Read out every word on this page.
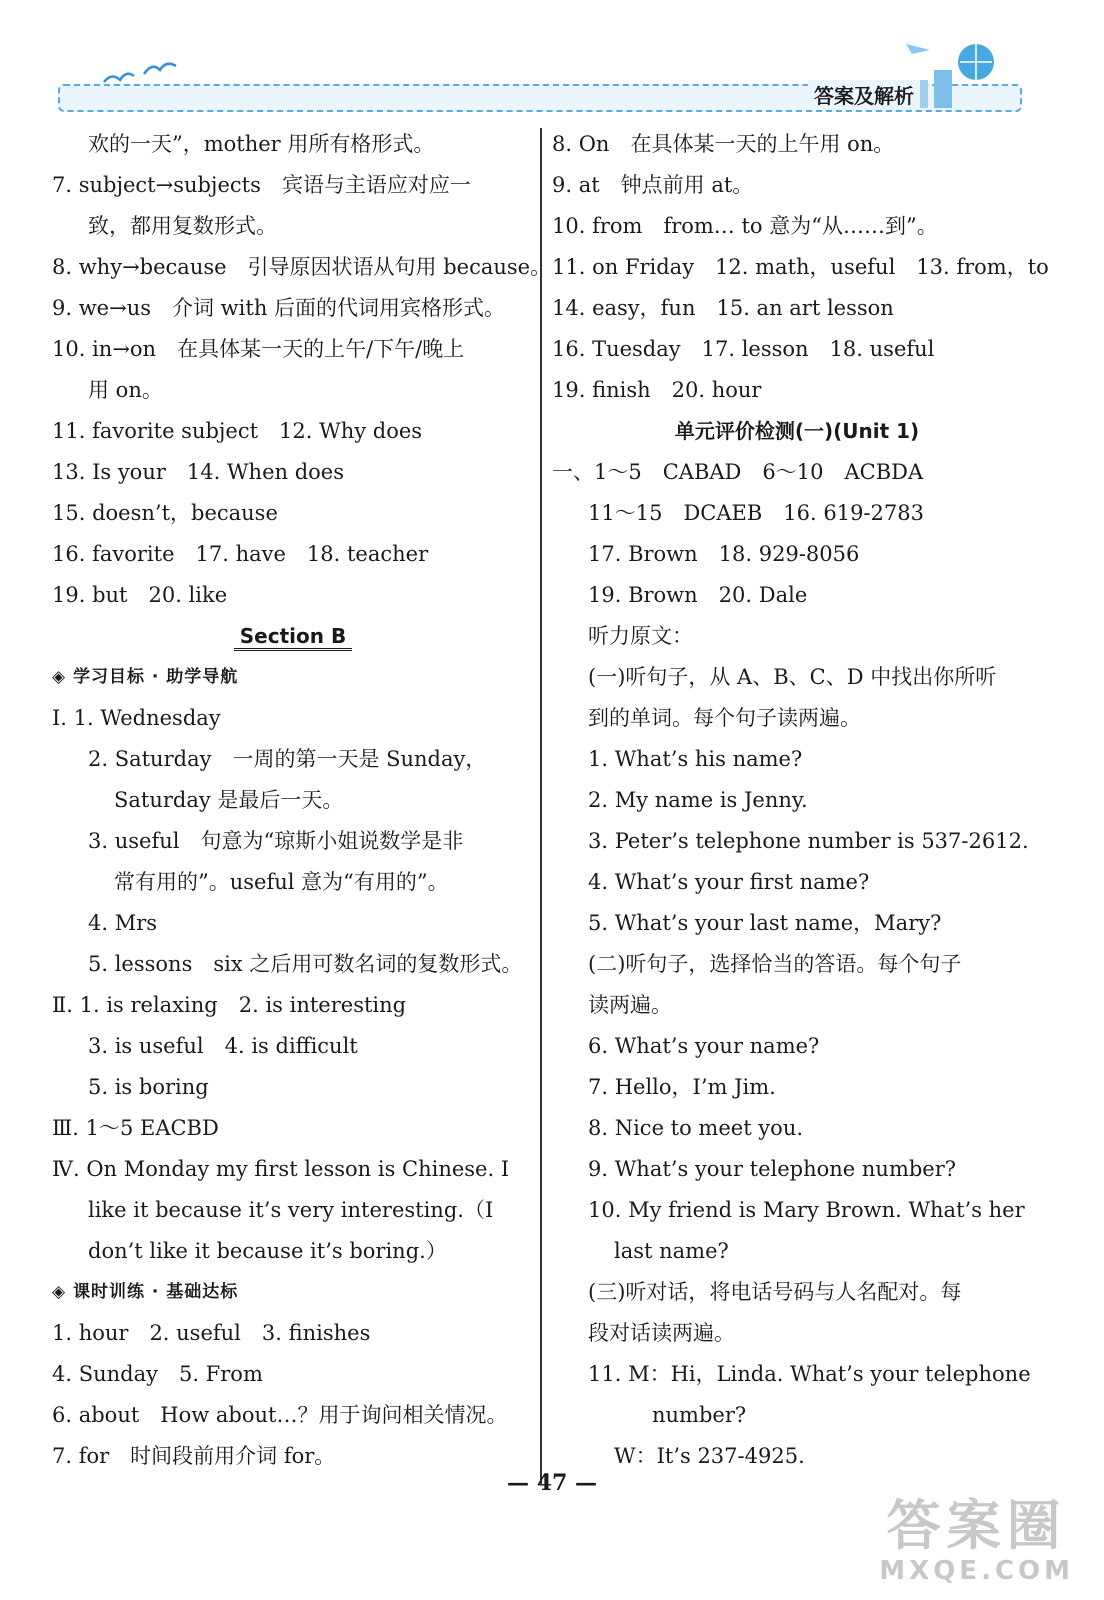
答案及解析
欢的一天”，mother 用所有格形式。
7. subject→subjects　宾语与主语应对应一
致，都用复数形式。
8. why→because　引导原因状语从句用 because。
9. we→us　介词 with 后面的代词用宾格形式。
10. in→on　在具体某一天的上午/下午/晚上
用 on。
11. favorite subject　12. Why does
13. Is your　14. When does
15. doesn’t，because
16. favorite　17. have　18. teacher
19. but　20. like
Section B
◈ 学习目标 · 助学导航
Ⅰ. 1. Wednesday
2. Saturday　一周的第一天是 Sunday，
Saturday 是最后一天。
3. useful　句意为“琼斯小姐说数学是非
常有用的”。useful 意为“有用的”。
4. Mrs
5. lessons　six 之后用可数名词的复数形式。
Ⅱ. 1. is relaxing　2. is interesting
3. is useful　4. is difficult
5. is boring
Ⅲ. 1～5 EACBD
Ⅳ. On Monday my first lesson is Chinese. I
like it because it’s very interesting.（I
don’t like it because it’s boring.）
◈ 课时训练 · 基础达标
1. hour　2. useful　3. finishes
4. Sunday　5. From
6. about　How about…？用于询问相关情况。
7. for　时间段前用介词 for。
8. On　在具体某一天的上午用 on。
9. at　钟点前用 at。
10. from　from… to 意为“从……到”。
11. on Friday　12. math，useful　13. from，to
14. easy，fun　15. an art lesson
16. Tuesday　17. lesson　18. useful
19. finish　20. hour
单元评价检测(一)(Unit 1)
一、1～5　CABAD　6～10　ACBDA
11～15　DCAEB　16. 619-2783
17. Brown　18. 929-8056
19. Brown　20. Dale
听力原文：
(一)听句子，从 A、B、C、D 中找出你所听
到的单词。每个句子读两遍。
1. What’s his name?
2. My name is Jenny.
3. Peter’s telephone number is 537-2612.
4. What’s your first name?
5. What’s your last name，Mary?
(二)听句子，选择恰当的答语。每个句子
读两遍。
6. What’s your name?
7. Hello，I’m Jim.
8. Nice to meet you.
9. What’s your telephone number?
10. My friend is Mary Brown. What’s her
last name?
(三)听对话，将电话号码与人名配对。每
段对话读两遍。
11. M：Hi，Linda. What’s your telephone
number?
W：It’s 237-4925.
— 47 —
答案圈
MXQE.COM
